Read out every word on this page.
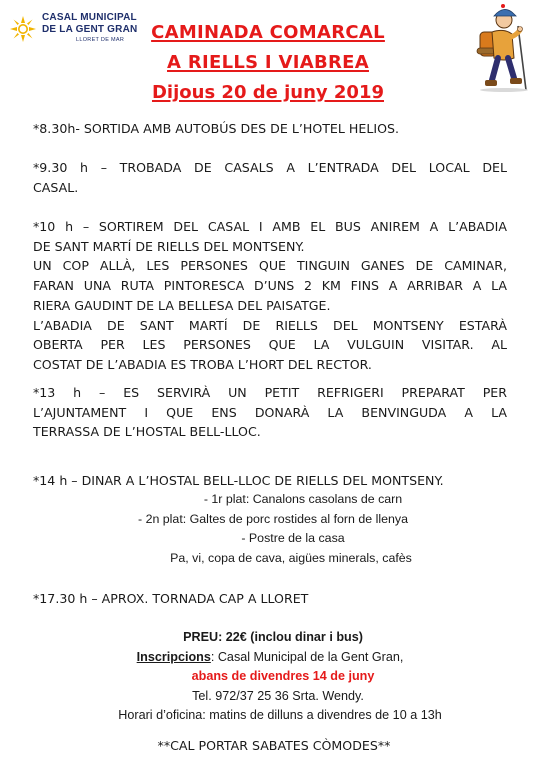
CASAL MUNICIPAL
DE LA GENT GRAN
LLORET DE MAR	CAMINADA COMARCAL
A RIELLS I VIABREA
Dijous 20 de juny 2019
*8.30h- SORTIDA AMB AUTOBÚS DES DE L’HOTEL HELIOS.
*9.30 h – TROBADA DE CASALS A L’ENTRADA DEL LOCAL DEL
CASAL.
*10 h – SORTIREM DEL CASAL I AMB EL BUS ANIREM A L’ABADIA
DE SANT MARTÍ DE RIELLS DEL MONTSENY.
UN COP ALLÀ, LES PERSONES QUE TINGUIN GANES DE CAMINAR,
FARAN UNA RUTA PINTORESCA D’UNS 2 KM FINS A ARRIBAR A LA
RIERA GAUDINT DE LA BELLESA DEL PAISATGE.
L’ABADIA DE SANT MARTÍ DE RIELLS DEL MONTSENY ESTARÀ
OBERTA PER LES PERSONES QUE LA VULGUIN VISITAR. AL
COSTAT DE L’ABADIA ES TROBA L’HORT DEL RECTOR.
*13 h – ES SERVIRÀ UN PETIT REFRIGERI PREPARAT PER
L’AJUNTAMENT I QUE ENS DONARÀ LA BENVINGUDA A LA
TERRASSA DE L’HOSTAL BELL-LLOC.
*14 h – DINAR A L’HOSTAL BELL-LLOC DE RIELLS DEL MONTSENY.
- 1r plat: Canalons casolans de carn
- 2n plat: Galtes de porc rostides al forn de llenya
- Postre de la casa
Pa, vi, copa de cava, aigües minerals, cafès
*17.30 h – APROX. TORNADA CAP A LLORET
PREU: 22€ (inclou dinar i bus)
Inscripcions: Casal Municipal de la Gent Gran,
abans de divendres 14 de juny
Tel. 972/37 25 36 Srta. Wendy.
Horari d’oficina: matins de dilluns a divendres de 10 a 13h
**CAL PORTAR SABATES CÒMODES**
